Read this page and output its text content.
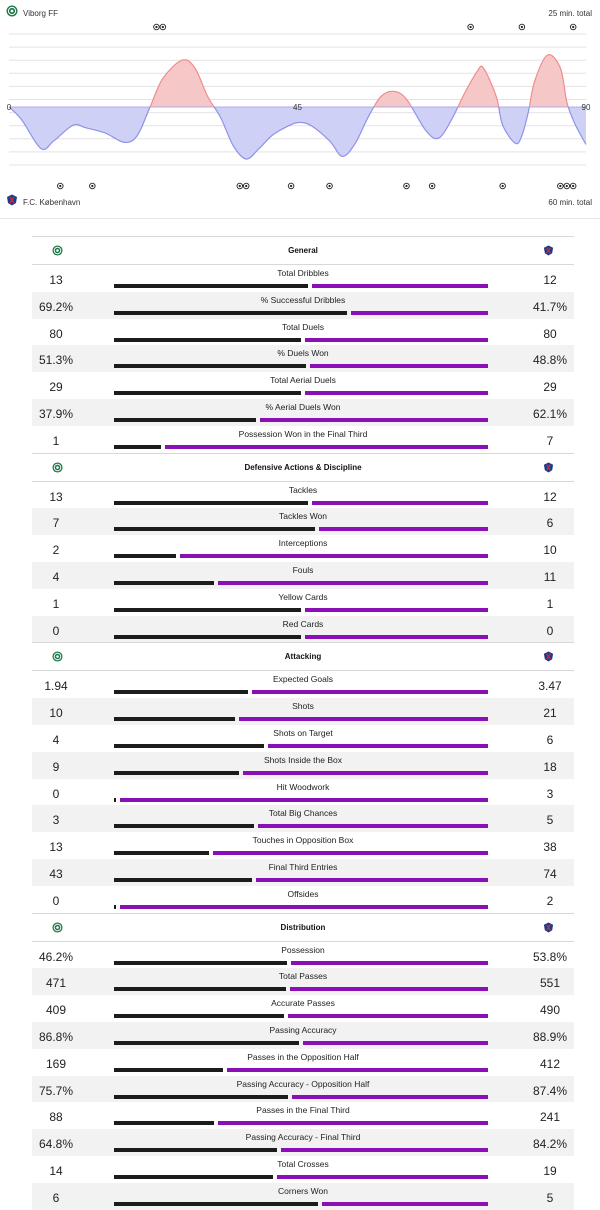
Viborg FF	25 min. total
0	45	90
F.C. København	60 min. total
General
13	Total Dribbles	12
69.2%	% Successful Dribbles	41.7%
80	Total Duels	80
51.3%	% Duels Won	48.8%
29	Total Aerial Duels	29
37.9%	% Aerial Duels Won	62.1%
1	Possession Won in the Final Third	7
Defensive Actions & Discipline
13	Tackles	12
7	Tackles Won	6
2	Interceptions	10
4	Fouls	11
1	Yellow Cards	1
0	Red Cards	0
Attacking
1.94	Expected Goals	3.47
10	Shots	21
4	Shots on Target	6
9	Shots Inside the Box	18
0	Hit Woodwork	3
3	Total Big Chances	5
13	Touches in Opposition Box	38
43	Final Third Entries	74
0	Offsides	2
Distribution
46.2%	Possession	53.8%
471	Total Passes	551
409	Accurate Passes	490
86.8%	Passing Accuracy	88.9%
169	Passes in the Opposition Half	412
75.7%	Passing Accuracy - Opposition Half	87.4%
88	Passes in the Final Third	241
64.8%	Passing Accuracy - Final Third	84.2%
14	Total Crosses	19
6	Corners Won	5
